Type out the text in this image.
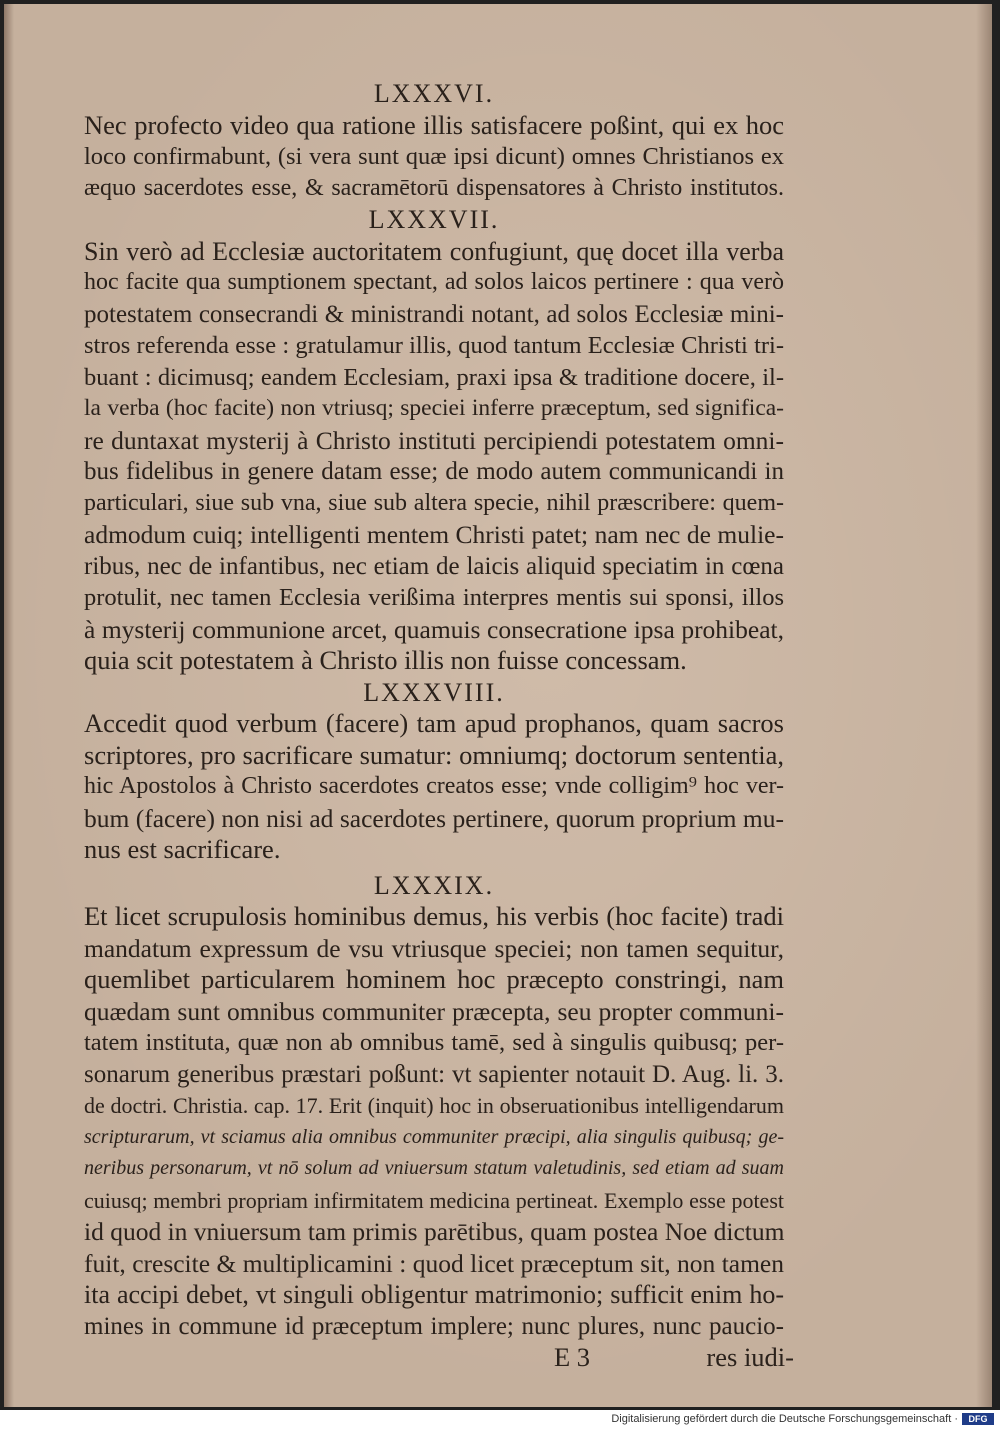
LXXXVI.
Nec profecto video qua ratione illis satisfacere poßint, qui ex hoc
loco confirmabunt, (si vera sunt quæ ipsi dicunt) omnes Christianos ex
æquo sacerdotes esse, & sacramētorū dispensatores à Christo institutos.
LXXXVII.
Sin verò ad Ecclesiæ auctoritatem confugiunt, quę docet illa verba
hoc facite qua sumptionem spectant, ad solos laicos pertinere : qua verò
potestatem consecrandi & ministrandi notant, ad solos Ecclesiæ mini-
stros referenda esse : gratulamur illis, quod tantum Ecclesiæ Christi tri-
buant : dicimusq; eandem Ecclesiam, praxi ipsa & traditione docere, il-
la verba (hoc facite) non vtriusq; speciei inferre præceptum, sed significa-
re duntaxat mysterij à Christo instituti percipiendi potestatem omni-
bus fidelibus in genere datam esse; de modo autem communicandi in
particulari, siue sub vna, siue sub altera specie, nihil præscribere: quem-
admodum cuiq; intelligenti mentem Christi patet; nam nec de mulie-
ribus, nec de infantibus, nec etiam de laicis aliquid speciatim in cœna
protulit, nec tamen Ecclesia verißima interpres mentis sui sponsi, illos
à mysterij communione arcet, quamuis consecratione ipsa prohibeat,
quia scit potestatem à Christo illis non fuisse concessam.
LXXXVIII.
Accedit quod verbum (facere) tam apud prophanos, quam sacros
scriptores, pro sacrificare sumatur: omniumq; doctorum sententia,
hic Apostolos à Christo sacerdotes creatos esse; vnde colligim⁹ hoc ver-
bum (facere) non nisi ad sacerdotes pertinere, quorum proprium mu-
nus est sacrificare.
LXXXIX.
Et licet scrupulosis hominibus demus, his verbis (hoc facite) tradi
mandatum expressum de vsu vtriusque speciei; non tamen sequitur,
quemlibet particularem hominem hoc præcepto constringi, nam
quædam sunt omnibus communiter præcepta, seu propter communi-
tatem instituta, quæ non ab omnibus tamē, sed à singulis quibusq; per-
sonarum generibus præstari poßunt: vt sapienter notauit D. Aug. li. 3.
de doctri. Christia. cap. 17. Erit (inquit) hoc in obseruationibus intelligendarum
scripturarum, vt sciamus alia omnibus communiter præcipi, alia singulis quibusq; ge-
neribus personarum, vt nō solum ad vniuersum statum valetudinis, sed etiam ad suam
cuiusq; membri propriam infirmitatem medicina pertineat. Exemplo esse potest
id quod in vniuersum tam primis parētibus, quam postea Noe dictum
fuit, crescite & multiplicamini : quod licet præceptum sit, non tamen
ita accipi debet, vt singuli obligentur matrimonio; sufficit enim ho-
mines in commune id præceptum implere; nunc plures, nunc paucio-
E 3	res iudi-
Digitalisierung gefördert durch die Deutsche Forschungsgemeinschaft ·	DFG
